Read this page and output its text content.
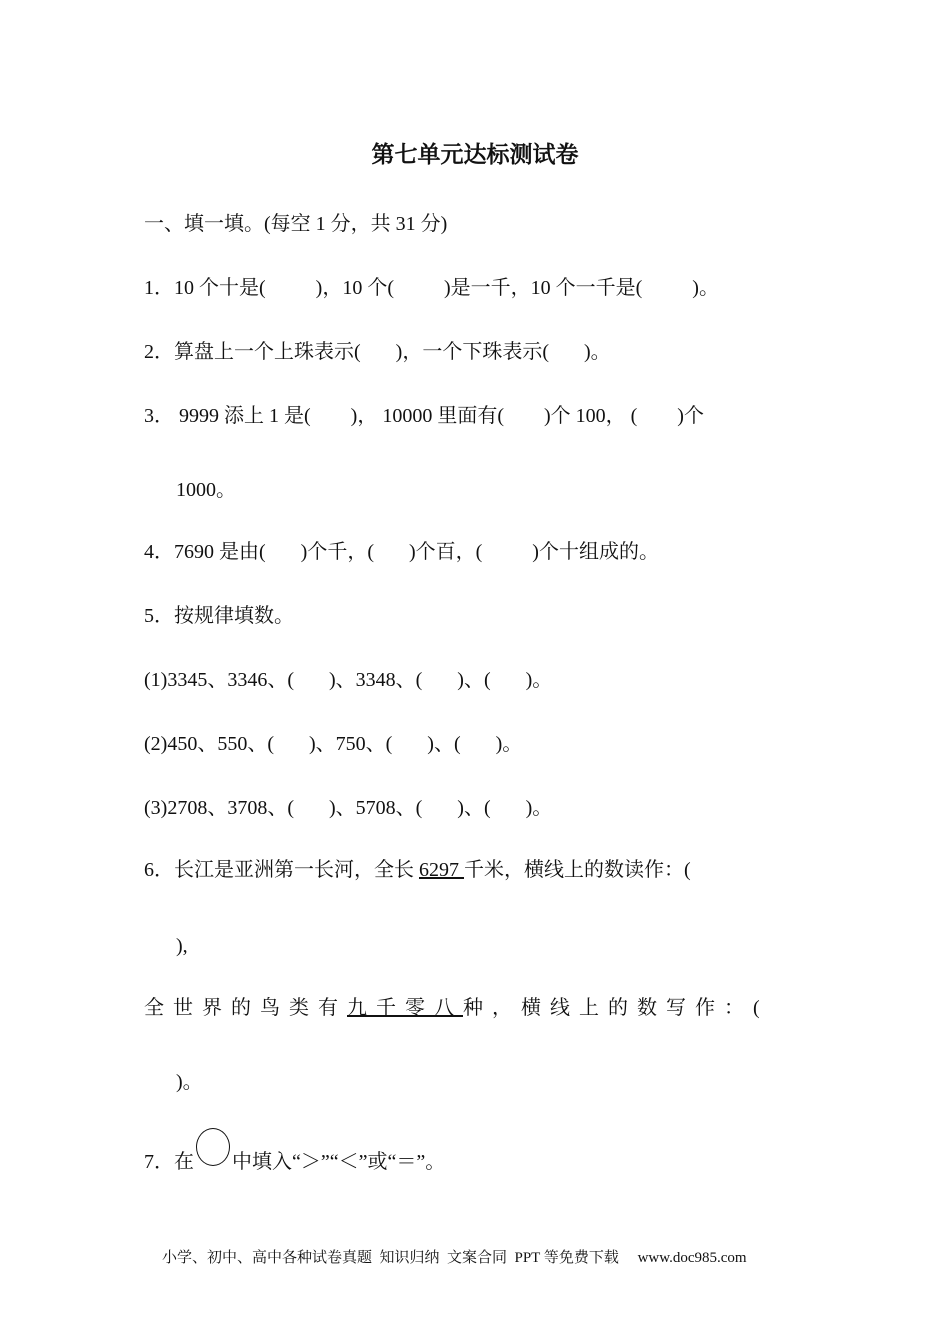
第七单元达标测试卷
一、填一填。(每空 1 分，共 31 分)
1．10 个十是(          )，10 个(          )是一千，10 个一千是(          )。
2．算盘上一个上珠表示(       )，一个下珠表示(       )。
3． 9999 添上 1 是(        )， 10000 里面有(        )个 100， (        )个
1000。
4．7690 是由(       )个千，(       )个百，(          )个十组成的。
5．按规律填数。
(1)3345、3346、(       )、3348、(       )、(       )。
(2)450、550、(       )、750、(       )、(       )。
(3)2708、3708、(       )、5708、(       )、(       )。
6．长江是亚洲第一长河，全长 6297 千米，横线上的数读作：(
),
全世界的鸟类有九千零八种，横线上的数写作：(
)。
7．在 中填入“＞”“＜”或“＝”。
小学、初中、高中各种试卷真题  知识归纳  文案合同  PPT 等免费下载     www.doc985.com
